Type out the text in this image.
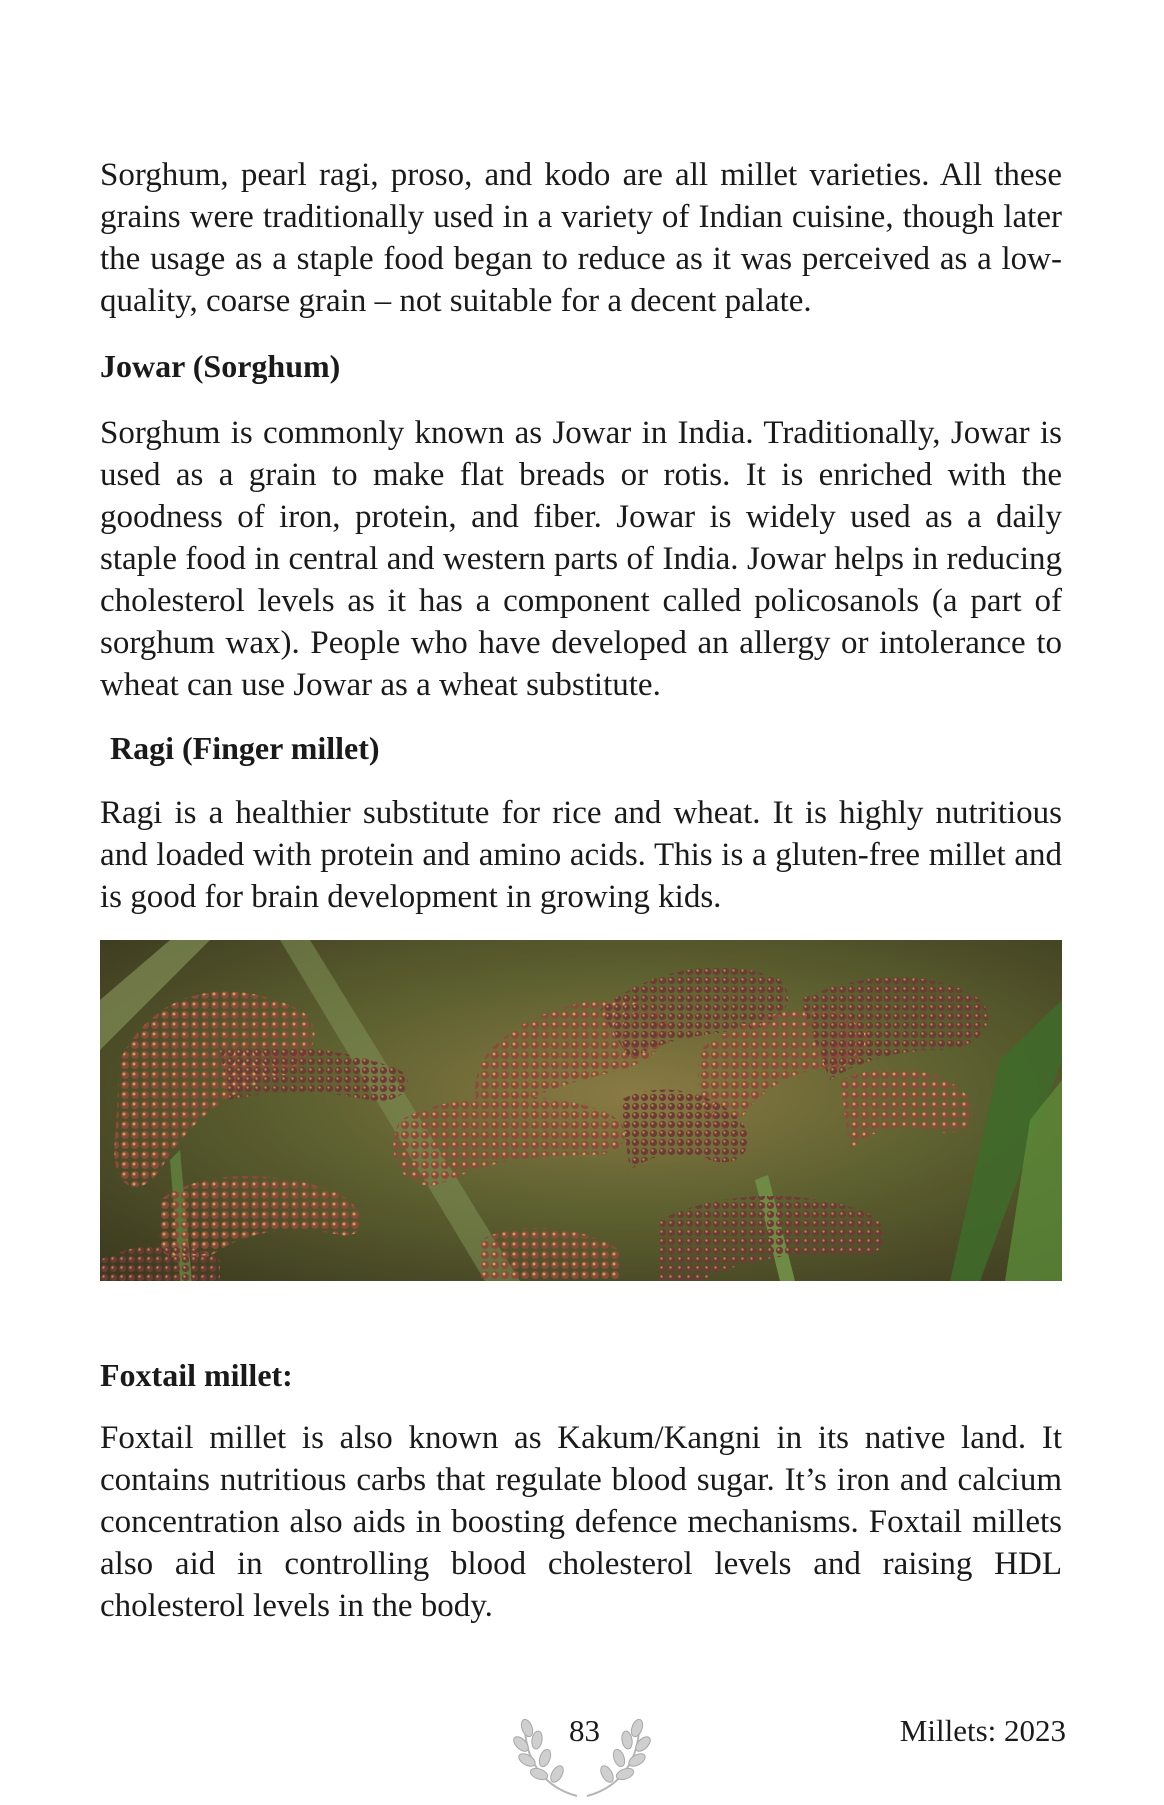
Sorghum, pearl ragi, proso, and kodo are all millet varieties. All these grains were traditionally used in a variety of Indian cuisine, though later the usage as a staple food began to reduce as it was perceived as a low-quality, coarse grain – not suitable for a decent palate.

Jowar (Sorghum)

Sorghum is commonly known as Jowar in India. Traditionally, Jowar is used as a grain to make flat breads or rotis. It is enriched with the goodness of iron, protein, and fiber. Jowar is widely used as a daily staple food in central and western parts of India. Jowar helps in reducing cholesterol levels as it has a component called policosanols (a part of sorghum wax). People who have developed an allergy or intolerance to wheat can use Jowar as a wheat substitute.

Ragi (Finger millet)

Ragi is a healthier substitute for rice and wheat. It is highly nutritious and loaded with protein and amino acids. This is a gluten-free millet and is good for brain development in growing kids.

Foxtail millet:

Foxtail millet is also known as Kakum/Kangni in its native land. It contains nutritious carbs that regulate blood sugar. It’s iron and calcium concentration also aids in boosting defence mechanisms. Foxtail millets also aid in controlling blood cholesterol levels and raising HDL cholesterol levels in the body.

83	Millets: 2023
